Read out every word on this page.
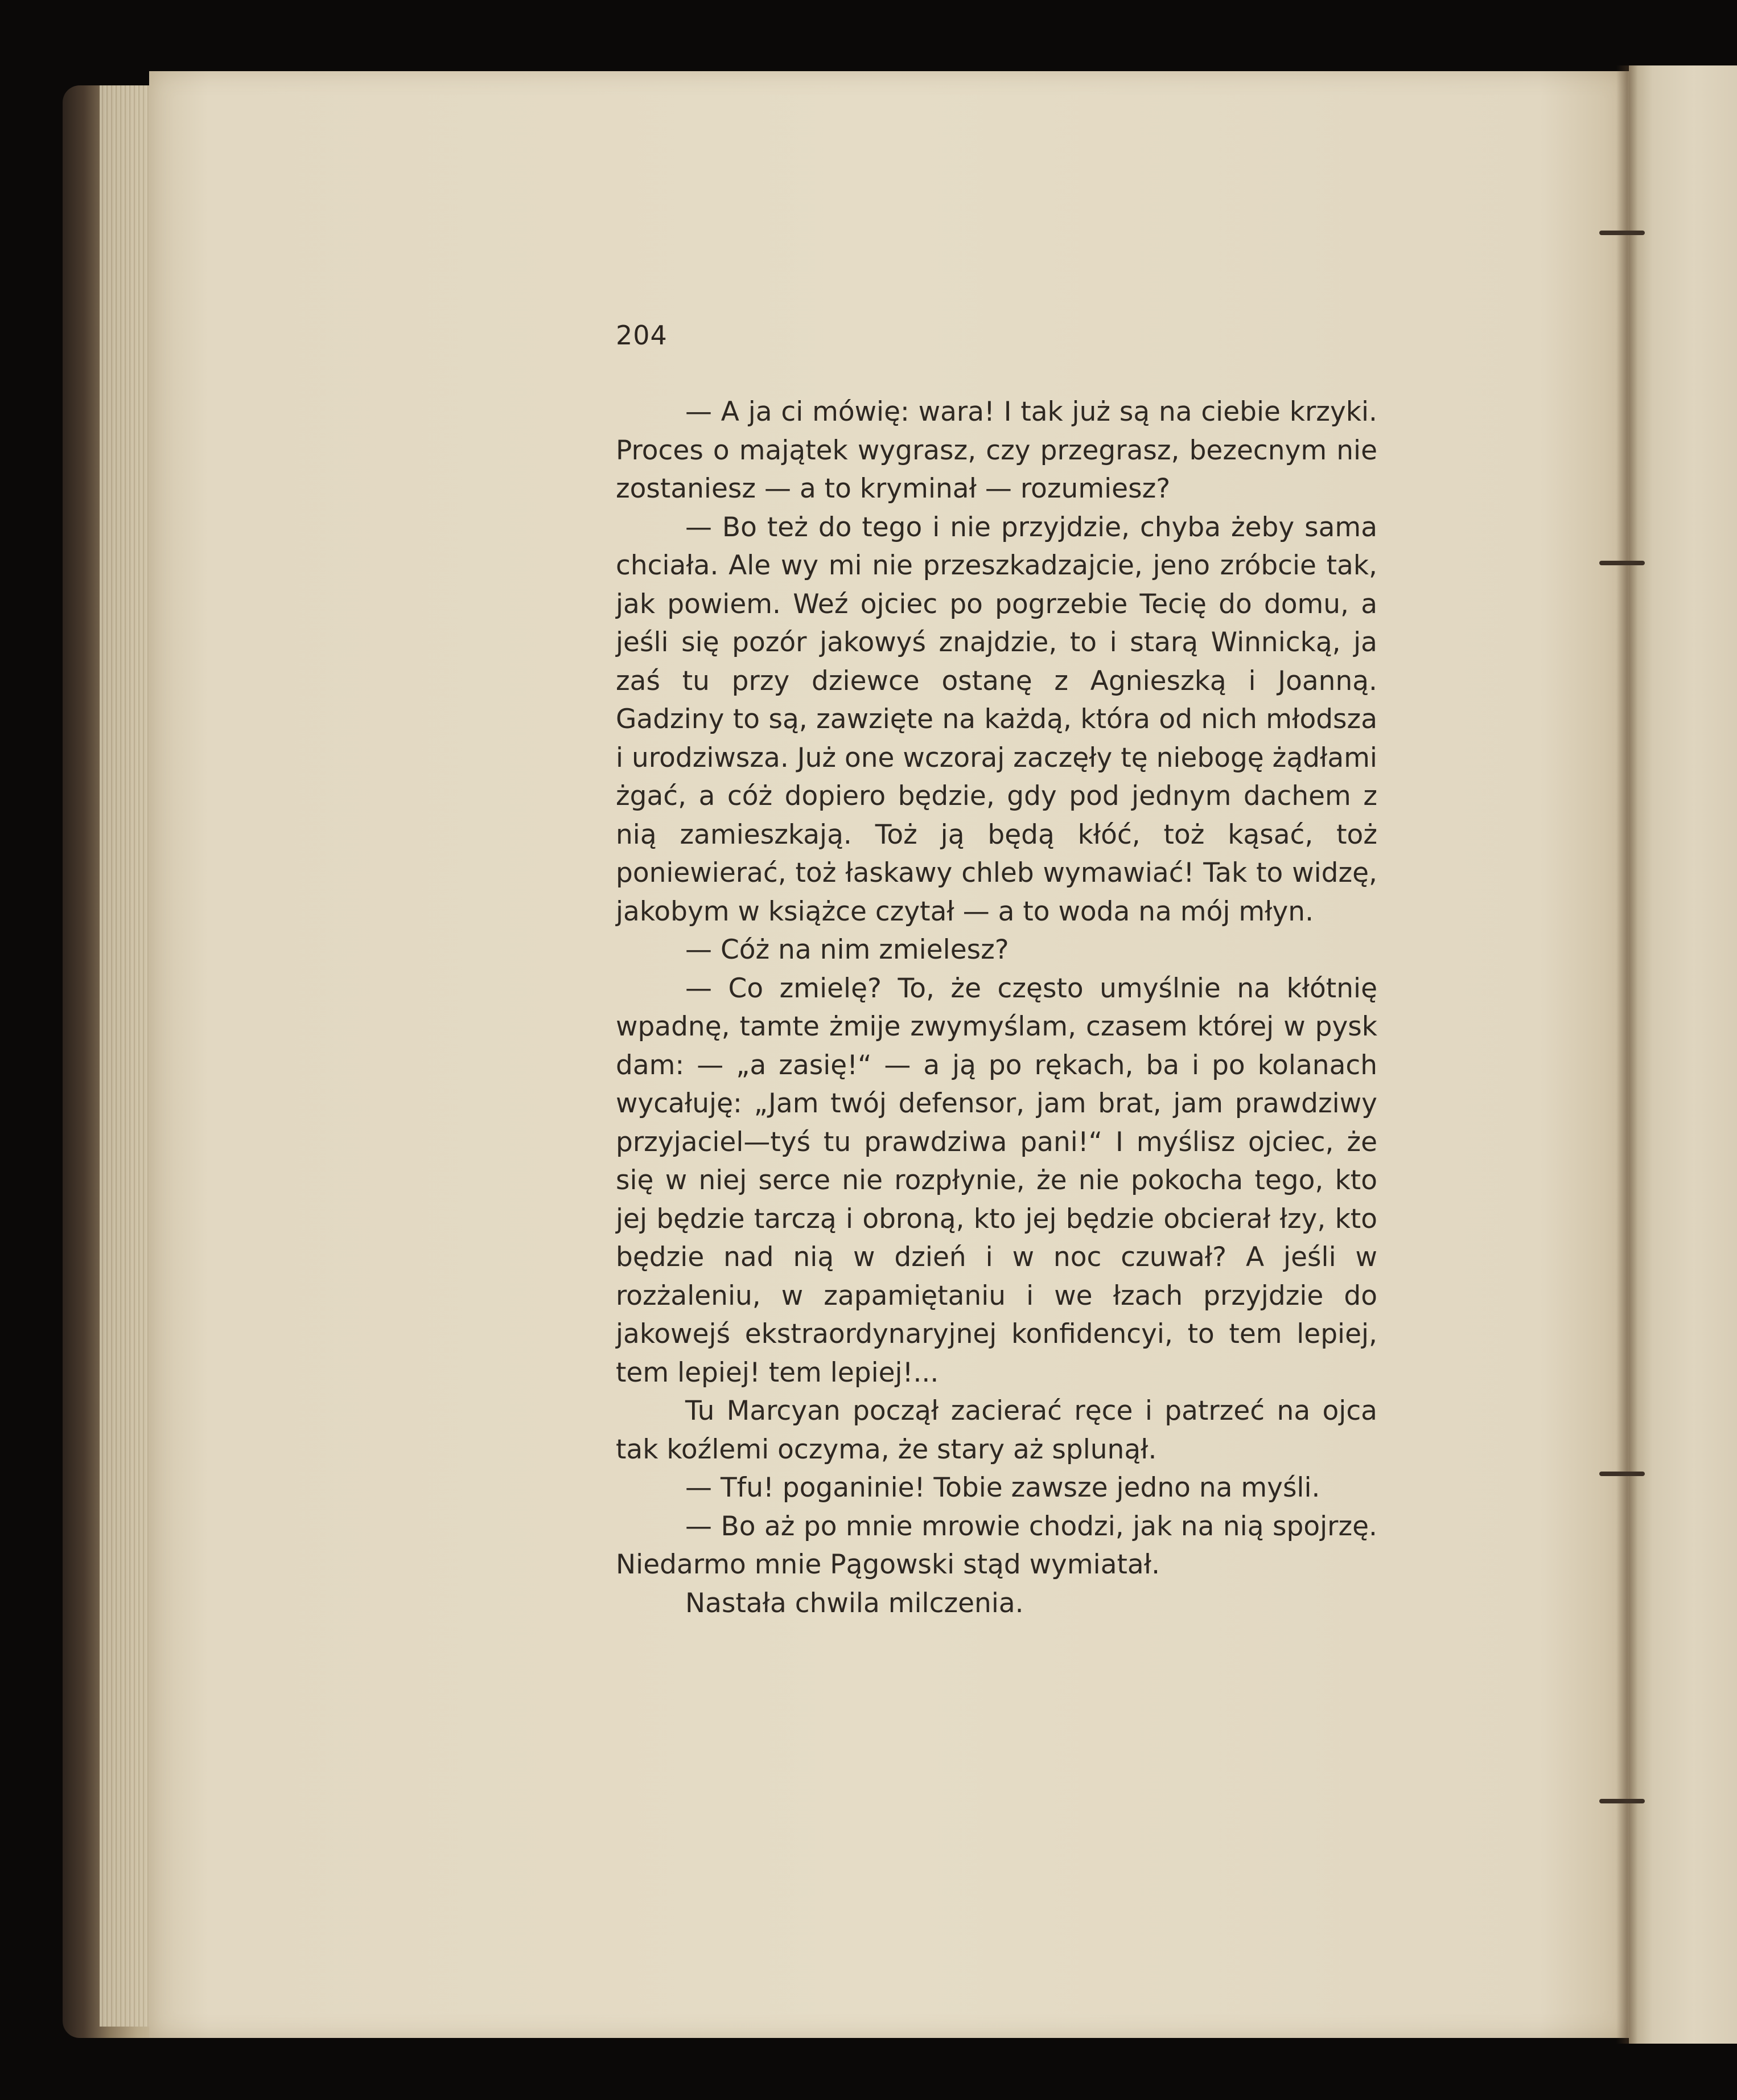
204

— A ja ci mówię: wara! I tak już są na ciebie krzyki. Proces o majątek wygrasz, czy przegrasz, bezecnym nie zostaniesz — a to kryminał — rozumiesz?

— Bo też do tego i nie przyjdzie, chyba żeby sama chciała. Ale wy mi nie przeszkadzajcie, jeno zróbcie tak, jak powiem. Weź ojciec po pogrzebie Tecię do domu, a jeśli się pozór jakowyś znajdzie, to i starą Winnicką, ja zaś tu przy dziewce ostanę z Agnieszką i Joanną. Gadziny to są, zawzięte na każdą, która od nich młodsza i urodziwsza. Już one wczoraj zaczęły tę niebogę żądłami żgać, a cóż dopiero będzie, gdy pod jednym dachem z nią zamieszkają. Toż ją będą kłóć, toż kąsać, toż poniewierać, toż łaskawy chleb wymawiać! Tak to widzę, jakobym w książce czytał — a to woda na mój młyn.

— Cóż na nim zmielesz?

— Co zmielę? To, że często umyślnie na kłótnię wpadnę, tamte żmije zwymyślam, czasem której w pysk dam: — „a zasię!“ — a ją po rękach, ba i po kolanach wycałuję: „Jam twój defensor, jam brat, jam prawdziwy przyjaciel—tyś tu prawdziwa pani!“ I myślisz ojciec, że się w niej serce nie rozpłynie, że nie pokocha tego, kto jej będzie tarczą i obroną, kto jej będzie obcierał łzy, kto będzie nad nią w dzień i w noc czuwał? A jeśli w rozżaleniu, w zapamiętaniu i we łzach przyjdzie do jakowejś ekstraordynaryjnej konfidencyi, to tem lepiej, tem lepiej! tem lepiej!...

Tu Marcyan począł zacierać ręce i patrzeć na ojca tak koźlemi oczyma, że stary aż splunął.

— Tfu! poganinie! Tobie zawsze jedno na myśli.

— Bo aż po mnie mrowie chodzi, jak na nią spojrzę. Niedarmo mnie Pągowski stąd wymiatał.

Nastała chwila milczenia.
